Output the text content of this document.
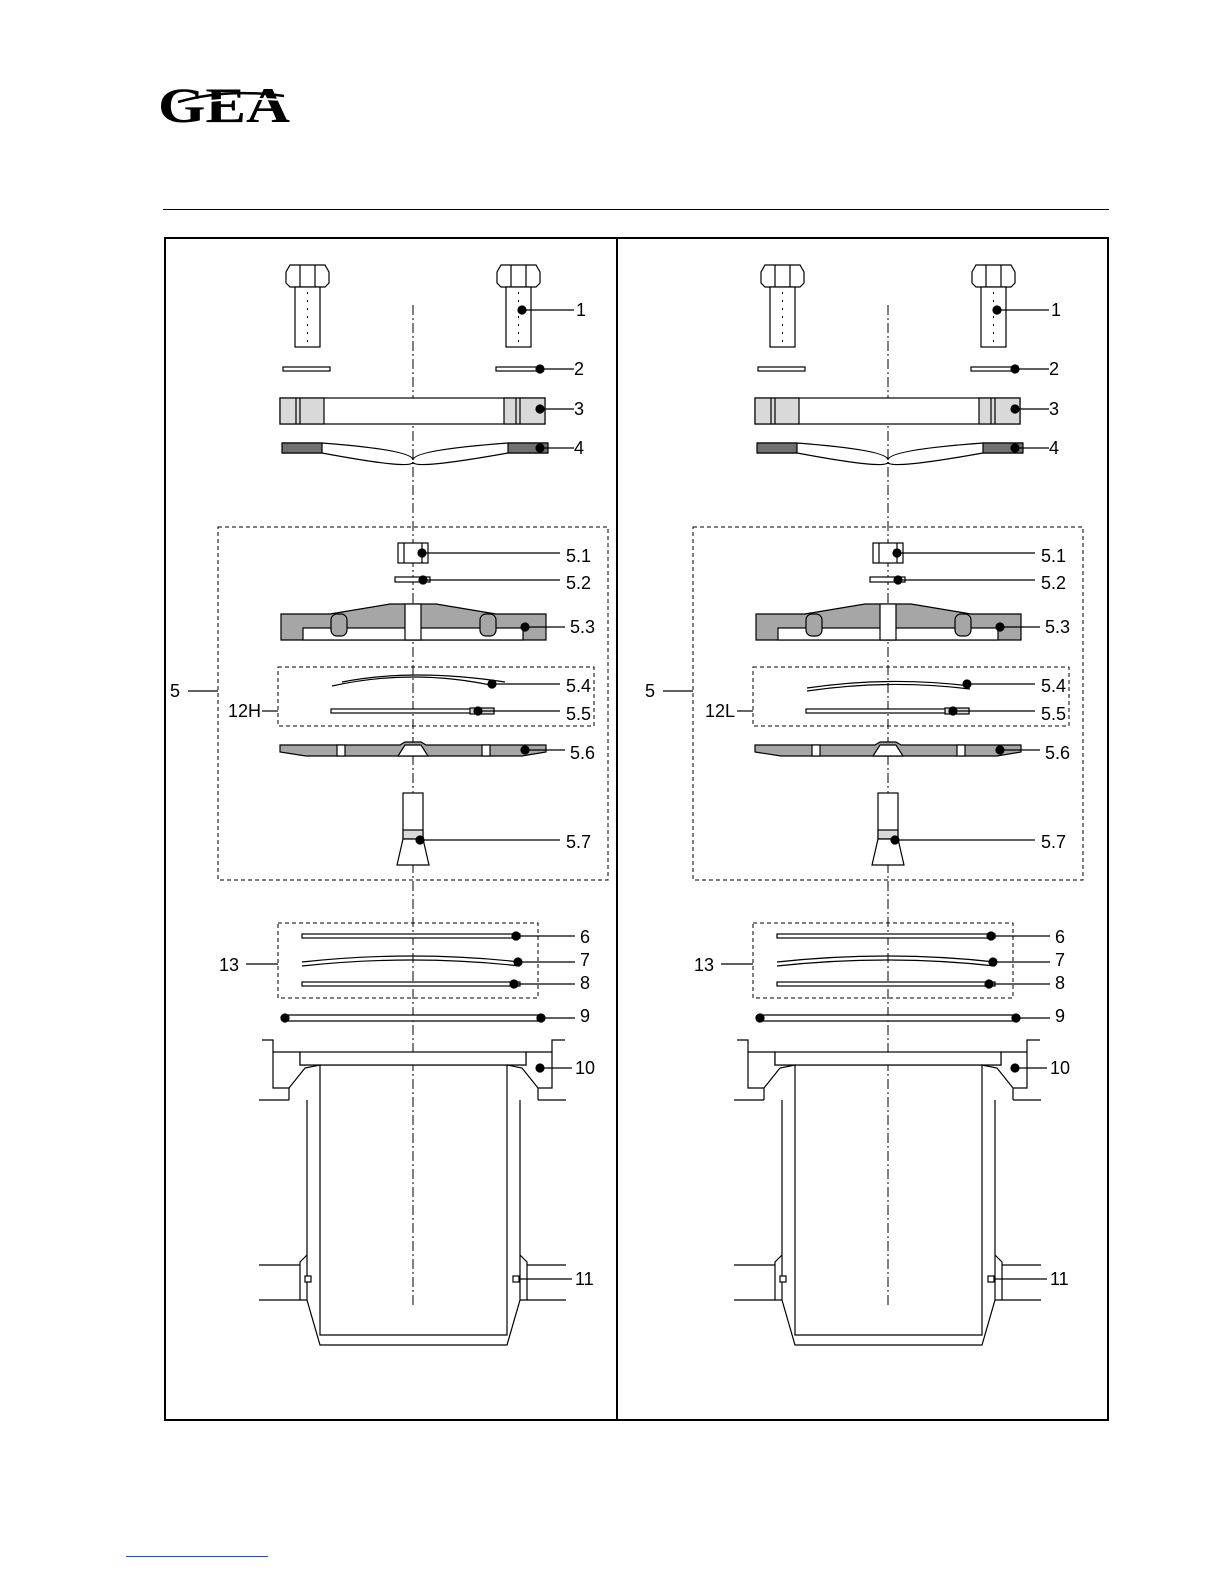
GEA
1
2
3
4
5
5.1
5.2
5.3
5.4
5.5
5.6
5.7
12H
6
7
8
9
10
11
13
1
2
3
4
5
5.1
5.2
5.3
5.4
5.5
5.6
5.7
12L
6
7
8
9
10
11
13
